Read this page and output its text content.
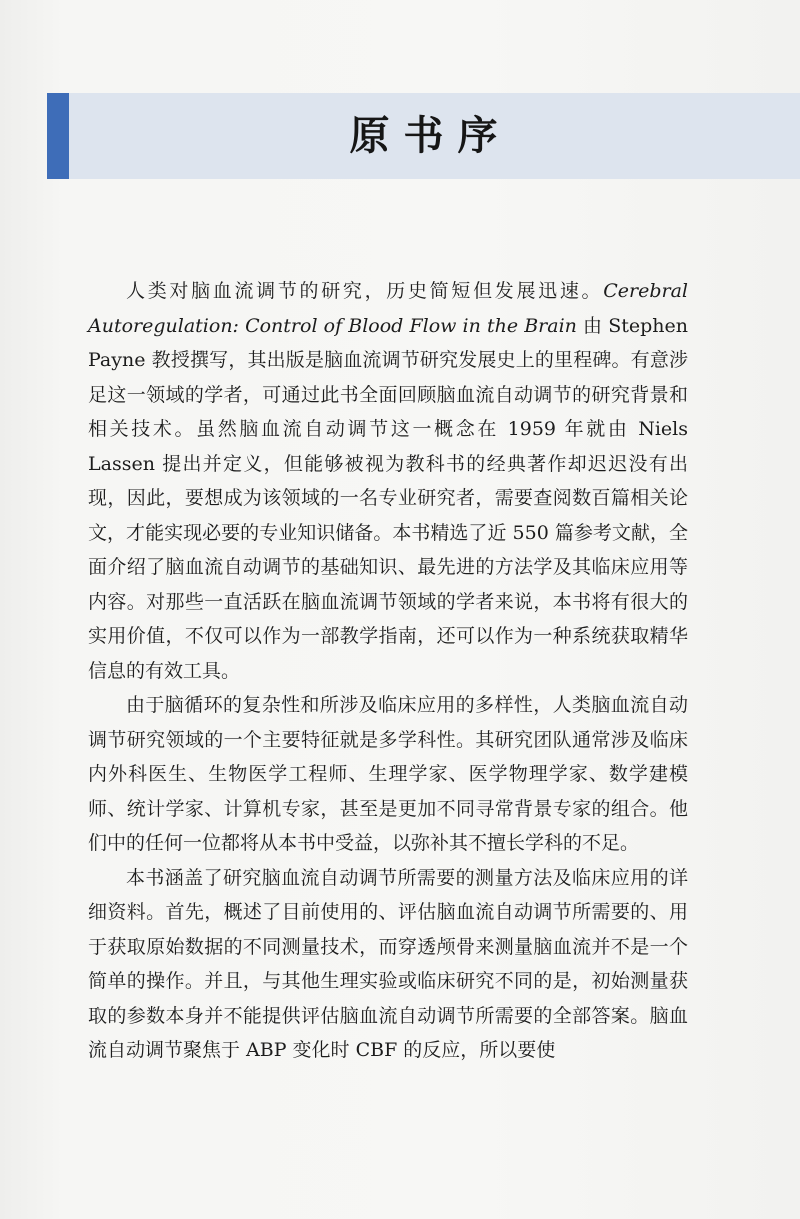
原书序

人类对脑血流调节的研究，历史简短但发展迅速。Cerebral Autoregulation: Control of Blood Flow in the Brain 由 Stephen Payne 教授撰写，其出版是脑血流调节研究发展史上的里程碑。有意涉足这一领域的学者，可通过此书全面回顾脑血流自动调节的研究背景和相关技术。虽然脑血流自动调节这一概念在 1959 年就由 Niels Lassen 提出并定义，但能够被视为教科书的经典著作却迟迟没有出现，因此，要想成为该领域的一名专业研究者，需要查阅数百篇相关论文，才能实现必要的专业知识储备。本书精选了近 550 篇参考文献，全面介绍了脑血流自动调节的基础知识、最先进的方法学及其临床应用等内容。对那些一直活跃在脑血流调节领域的学者来说，本书将有很大的实用价值，不仅可以作为一部教学指南，还可以作为一种系统获取精华信息的有效工具。

由于脑循环的复杂性和所涉及临床应用的多样性，人类脑血流自动调节研究领域的一个主要特征就是多学科性。其研究团队通常涉及临床内外科医生、生物医学工程师、生理学家、医学物理学家、数学建模师、统计学家、计算机专家，甚至是更加不同寻常背景专家的组合。他们中的任何一位都将从本书中受益，以弥补其不擅长学科的不足。

本书涵盖了研究脑血流自动调节所需要的测量方法及临床应用的详细资料。首先，概述了目前使用的、评估脑血流自动调节所需要的、用于获取原始数据的不同测量技术，而穿透颅骨来测量脑血流并不是一个简单的操作。并且，与其他生理实验或临床研究不同的是，初始测量获取的参数本身并不能提供评估脑血流自动调节所需要的全部答案。脑血流自动调节聚焦于 ABP 变化时 CBF 的反应，所以要使
